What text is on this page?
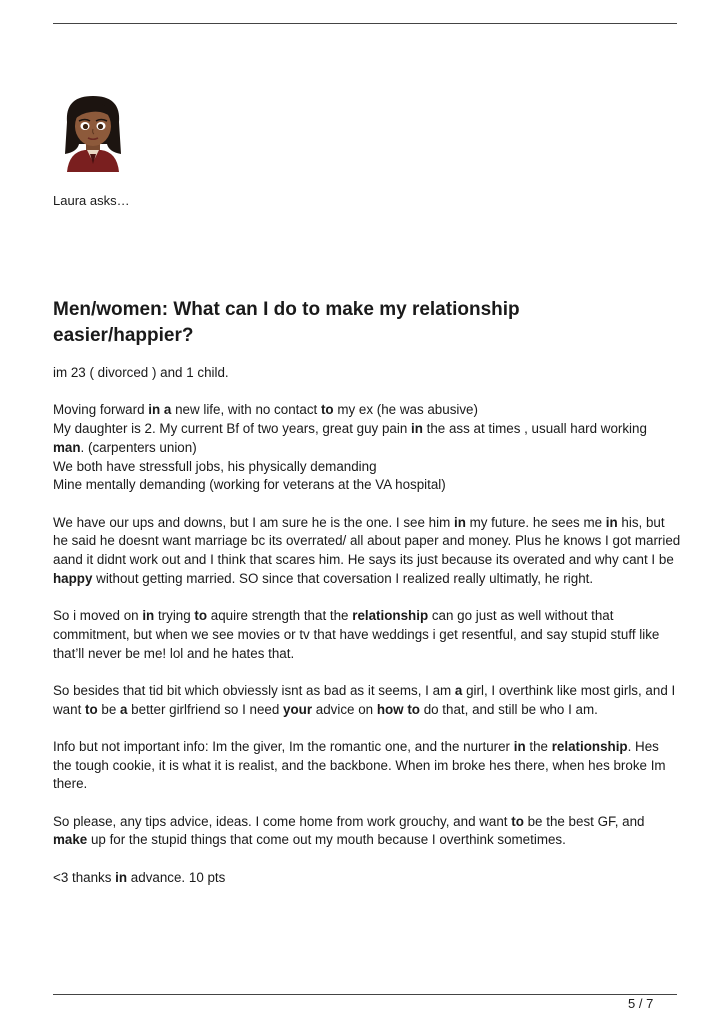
Laura asks…
Men/women: What can I do to make my relationship easier/happier?

im 23 ( divorced ) and 1 child.

Moving forward in a new life, with no contact to my ex (he was abusive)
My daughter is 2. My current Bf of two years, great guy pain in the ass at times , usuall hard working man. (carpenters union)
We both have stressfull jobs, his physically demanding
Mine mentally demanding (working for veterans at the VA hospital)

We have our ups and downs, but I am sure he is the one. I see him in my future. he sees me in his, but he said he doesnt want marriage bc its overrated/ all about paper and money. Plus he knows I got married aand it didnt work out and I think that scares him. He says its just because its overated and why cant I be happy without getting married. SO since that coversation I realized really ultimatly, he right.

So i moved on in trying to aquire strength that the relationship can go just as well without that commitment, but when we see movies or tv that have weddings i get resentful, and say stupid stuff like that’ll never be me! lol and he hates that.

So besides that tid bit which obviessly isnt as bad as it seems, I am a girl, I overthink like most girls, and I want to be a better girlfriend so I need your advice on how to do that, and still be who I am.

Info but not important info: Im the giver, Im the romantic one, and the nurturer in the relationship. Hes the tough cookie, it is what it is realist, and the backbone. When im broke hes there, when hes broke Im there.

So please, any tips advice, ideas. I come home from work grouchy, and want to be the best GF, and make up for the stupid things that come out my mouth because I overthink sometimes.

<3 thanks in advance. 10 pts

5 / 7
